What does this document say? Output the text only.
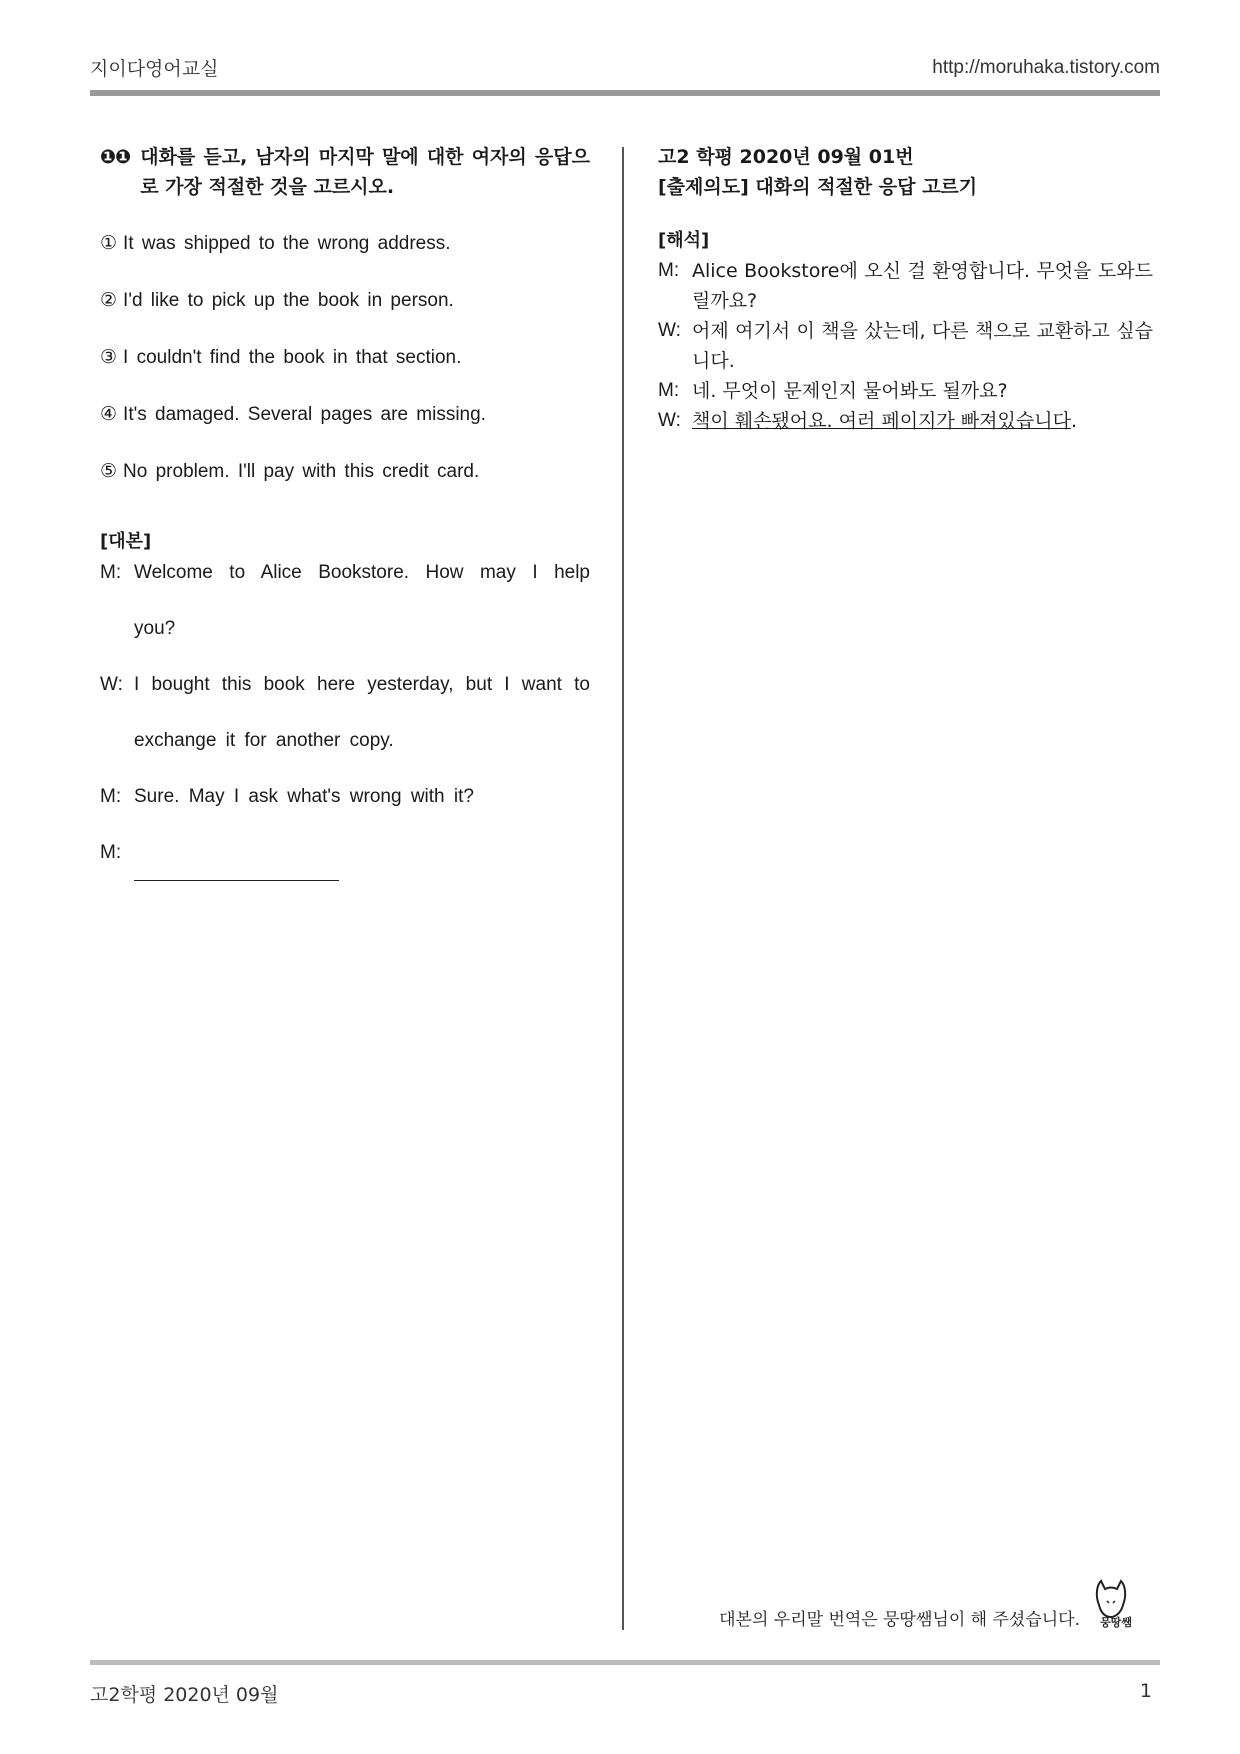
지이다영어교실	http://moruhaka.tistory.com
❶❶ 대화를 듣고, 남자의 마지막 말에 대한 여자의 응답으로 가장 적절한 것을 고르시오.
① It was shipped to the wrong address.
② I'd like to pick up the book in person.
③ I couldn't find the book in that section.
④ It's damaged. Several pages are missing.
⑤ No problem. I'll pay with this credit card.
[대본]
M: Welcome to Alice Bookstore. How may I help you?
W: I bought this book here yesterday, but I want to exchange it for another copy.
M: Sure. May I ask what's wrong with it?
M:
고2 학평 2020년 09월 01번
[출제의도] 대화의 적절한 응답 고르기
[해석]
M: Alice Bookstore에 오신 걸 환영합니다. 무엇을 도와드릴까요?
W: 어제 여기서 이 책을 샀는데, 다른 책으로 교환하고 싶습니다.
M: 네. 무엇이 문제인지 물어봐도 될까요?
W: 책이 훼손됐어요. 여러 페이지가 빠져있습니다.
뭉땅쌤
대본의 우리말 번역은 뭉땅쌤님이 해 주셨습니다.
고2학평 2020년 09월	1
